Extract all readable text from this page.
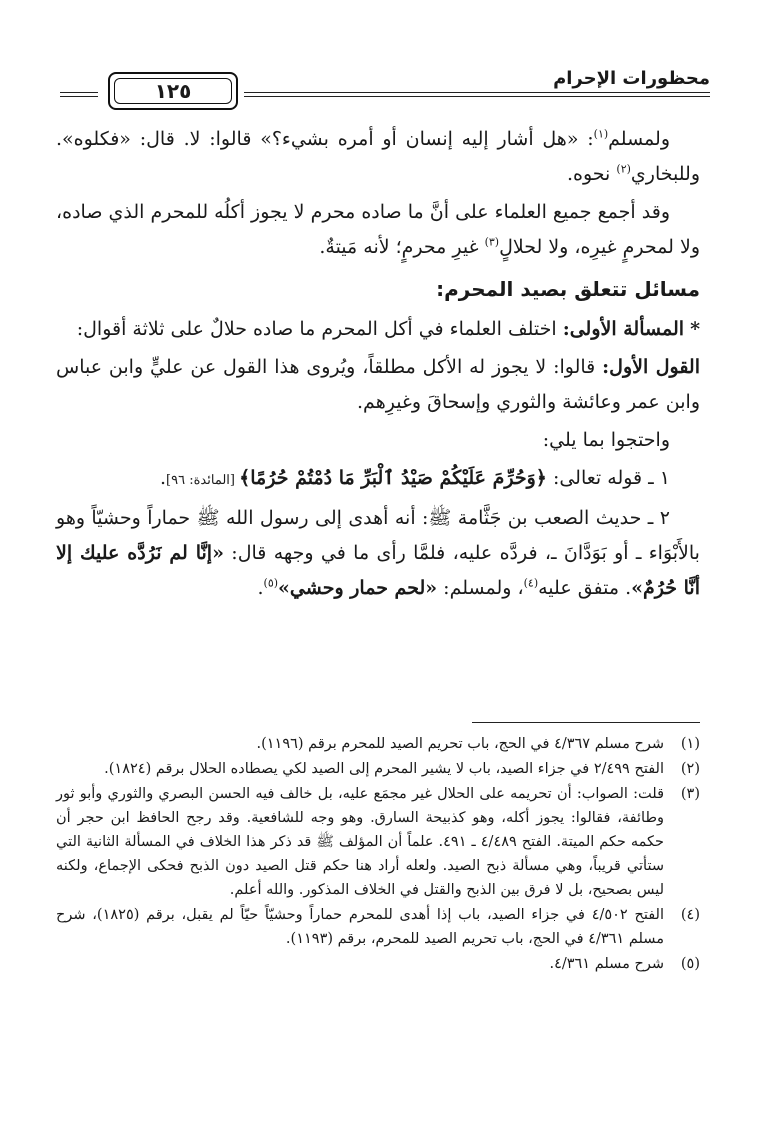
محظورات الإحرام
١٢٥

ولمسلم$^{(١)}$: «هل أشار إليه إنسان أو أمره بشيء؟» قالوا: لا. قال: «فكلوه». وللبخاري$^{(٢)}$ نحوه.

وقد أجمع جميع العلماء على أنَّ ما صاده محرم لا يجوز أكلُه للمحرم الذي صاده، ولا لمحرمٍ غيرِه، ولا لحلالٍ$^{(٣)}$ غيرِ محرمٍ؛ لأنه مَيتةٌ.

مسائل تتعلق بصيد المحرم:

* المسألة الأولى: اختلف العلماء في أكل المحرم ما صاده حلالٌ على ثلاثة أقوال:

القول الأول: قالوا: لا يجوز له الأكل مطلقاً، ويُروى هذا القول عن عليٍّ وابن عباس وابن عمر وعائشة والثوري وإسحاقَ وغيرِهم.

واحتجوا بما يلي:

١ ـ قوله تعالى: ﴿وَحُرِّمَ عَلَيْكُمْ صَيْدُ ٱلْبَرِّ مَا دُمْتُمْ حُرُمًا﴾ [المائدة: ٩٦].

٢ ـ حديث الصعب بن جَثَّامة ﷺ: أنه أهدى إلى رسول الله ﷺ حماراً وحشيّاً وهو بالأَبْوَاء ـ أو بَوَدَّانَ ـ، فردَّه عليه، فلمَّا رأى ما في وجهه قال: «إنَّا لم نَرُدَّه عليك إلا أنَّا حُرُمٌ». متفق عليه$^{(٤)}$، ولمسلم: «لحم حمار وحشي»$^{(٥)}$.

(١)
شرح مسلم ٤/٣٦٧ في الحج، باب تحريم الصيد للمحرم برقم (١١٩٦).
(٢)
الفتح ٢/٤٩٩ في جزاء الصيد، باب لا يشير المحرم إلى الصيد لكي يصطاده الحلال برقم (١٨٢٤).
(٣)
قلت: الصواب: أن تحريمه على الحلال غير مجمَع عليه، بل خالف فيه الحسن البصري والثوري وأبو ثور وطائفة، فقالوا: يجوز أكله، وهو كذبيحة السارق. وهو وجه للشافعية. وقد رجح الحافظ ابن حجر أن حكمه حكم الميتة. الفتح ٤/٤٨٩ ـ ٤٩١. علماً أن المؤلف ﷺ قد ذكر هذا الخلاف في المسألة الثانية التي ستأتي قريباً، وهي مسألة ذبح الصيد. ولعله أراد هنا حكم قتل الصيد دون الذبح فحكى الإجماع، ولكنه ليس بصحيح، بل لا فرق بين الذبح والقتل في الخلاف المذكور. والله أعلم.
(٤)
الفتح ٤/٥٠٢ في جزاء الصيد، باب إذا أهدى للمحرم حماراً وحشيّاً حيّاً لم يقبل، برقم (١٨٢٥)، شرح مسلم ٤/٣٦١ في الحج، باب تحريم الصيد للمحرم، برقم (١١٩٣).
(٥)
شرح مسلم ٤/٣٦١.
